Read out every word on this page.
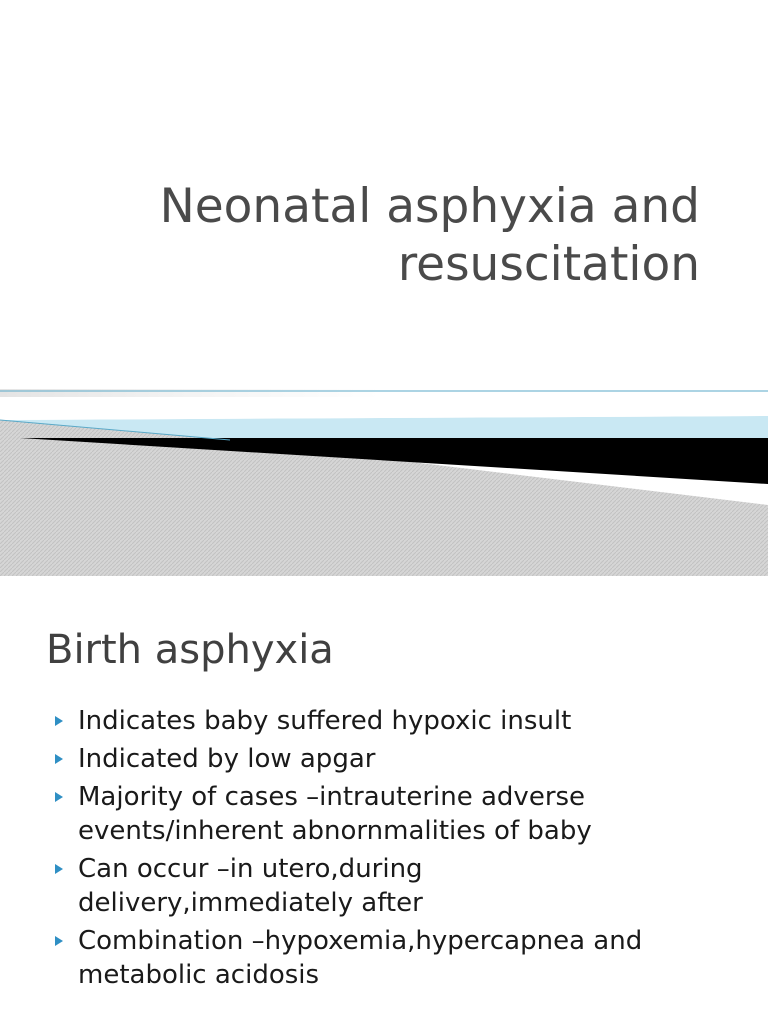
Neonatal asphyxia and
resuscitation
Birth asphyxia
Indicates baby suffered hypoxic insult
Indicated by low apgar
Majority of cases –intrauterine adverse
events/inherent abnornmalities of baby
Can occur –in utero,during
delivery,immediately after
Combination –hypoxemia,hypercapnea and
metabolic acidosis
